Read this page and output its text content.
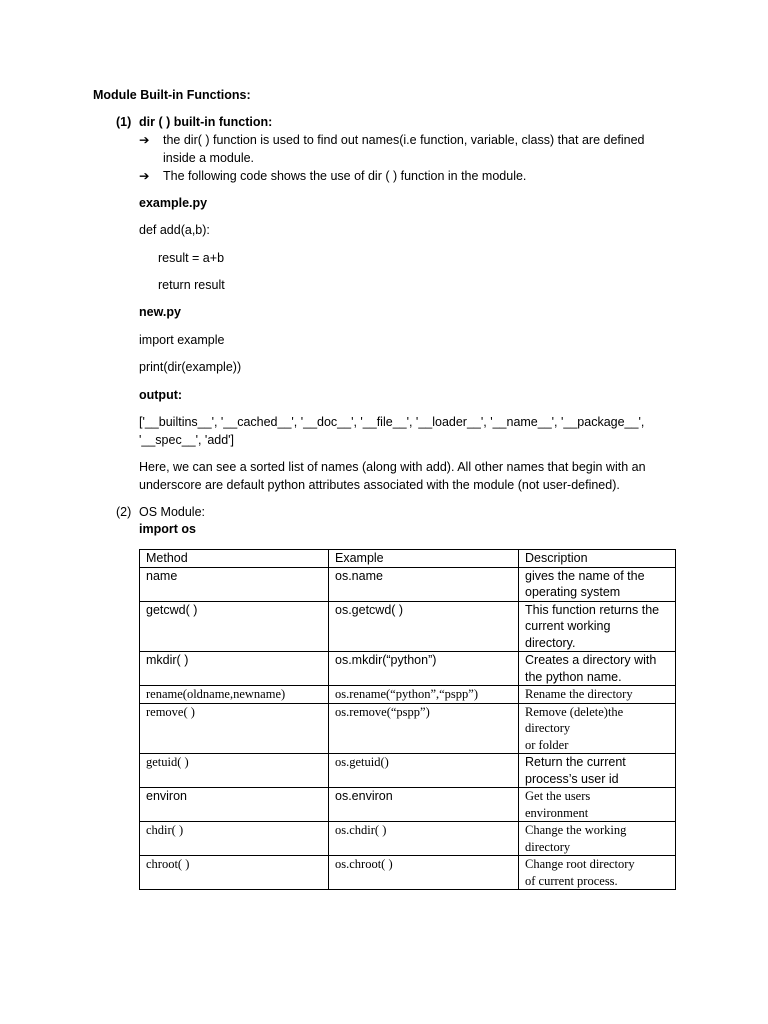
Module Built-in Functions:
(1) dir ( ) built-in function:
➔ the dir( ) function is used to find out names(i.e function, variable, class) that are defined
inside a module.
➔ The following code shows the use of dir ( ) function in the module.
example.py
def add(a,b):
result = a+b
return result
new.py
import example
print(dir(example))
output:
['__builtins__', '__cached__', '__doc__', '__file__', '__loader__', '__name__', '__package__',
'__spec__', 'add']
Here, we can see a sorted list of names (along with add). All other names that begin with an
underscore are default python attributes associated with the module (not user-defined).
(2) OS Module:
import os
Method	Example	Description
name	os.name	gives the name of the
operating system

getcwd( )	os.getcwd( )	This function returns the
current working
directory.

mkdir( )	os.mkdir(“python”)	Creates a directory with
the python name.

rename(oldname,newname)	os.rename(“python”,“pspp”)	Rename the directory

remove( )	os.remove(“pspp”)	Remove (delete)the
directory
or folder

getuid( )	os.getuid()	Return the current
process’s user id

environ	os.environ	Get the users
environment

chdir( )	os.chdir( )	Change the working
directory

chroot( )	os.chroot( )	Change root directory
of current process.
